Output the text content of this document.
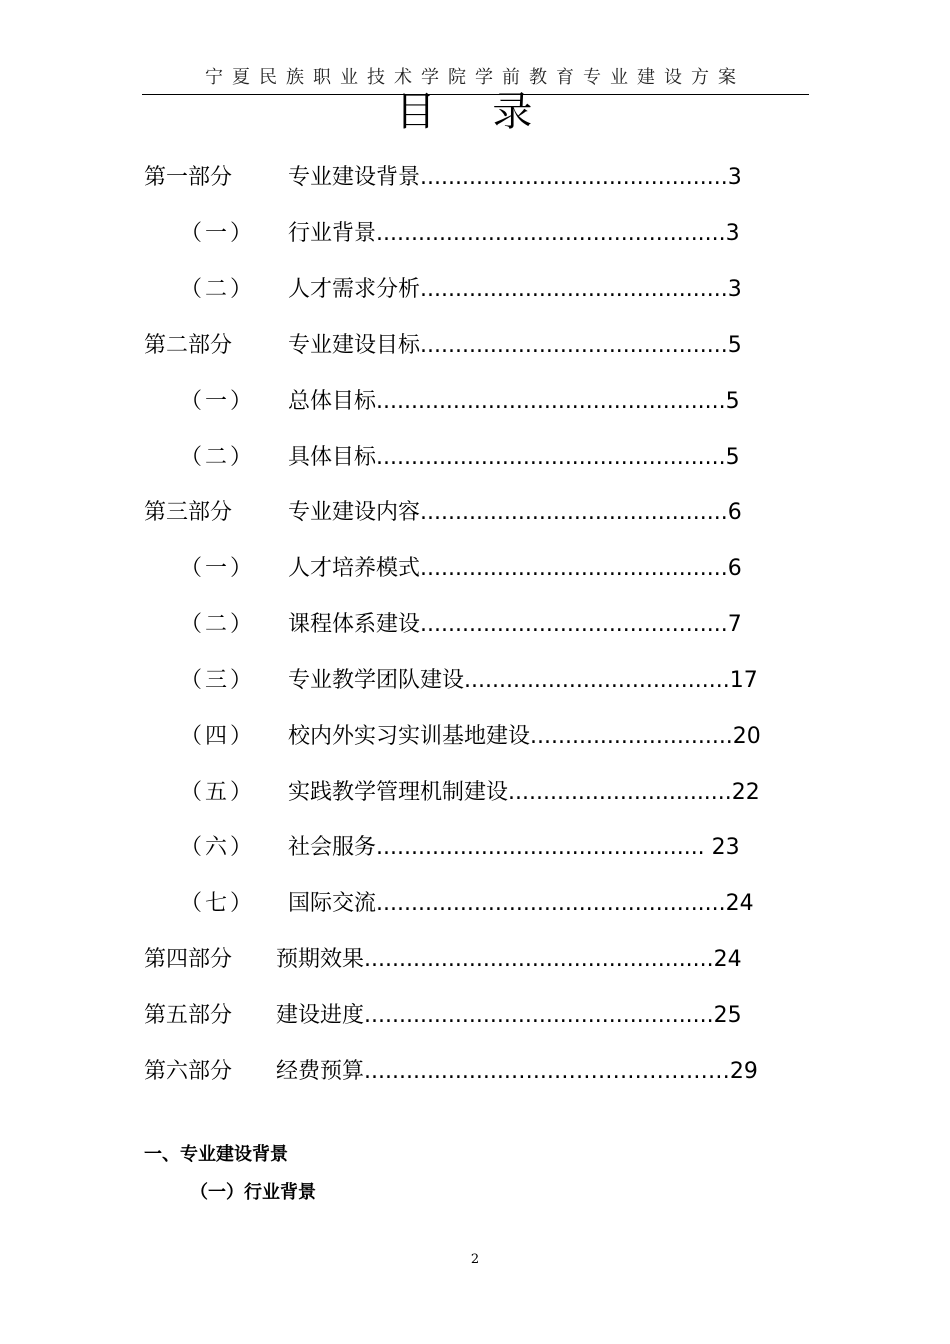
宁夏民族职业技术学院学前教育专业建设方案
目 录
第一部分	专业建设背景............................................3
（一） 行业背景..................................................3
（二） 人才需求分析............................................3
第二部分	专业建设目标............................................5
（一） 总体目标..................................................5
（二） 具体目标..................................................5
第三部分	专业建设内容............................................6
（一） 人才培养模式............................................6
（二） 课程体系建设............................................7
（三） 专业教学团队建设......................................17
（四） 校内外实习实训基地建设.............................20
（五） 实践教学管理机制建设................................22
（六） 社会服务............................................... 23
（七） 国际交流..................................................24
第四部分 预期效果..................................................24
第五部分 建设进度..................................................25
第六部分 经费预算.....................…...……………………29
一、专业建设背景
（一）行业背景
2
